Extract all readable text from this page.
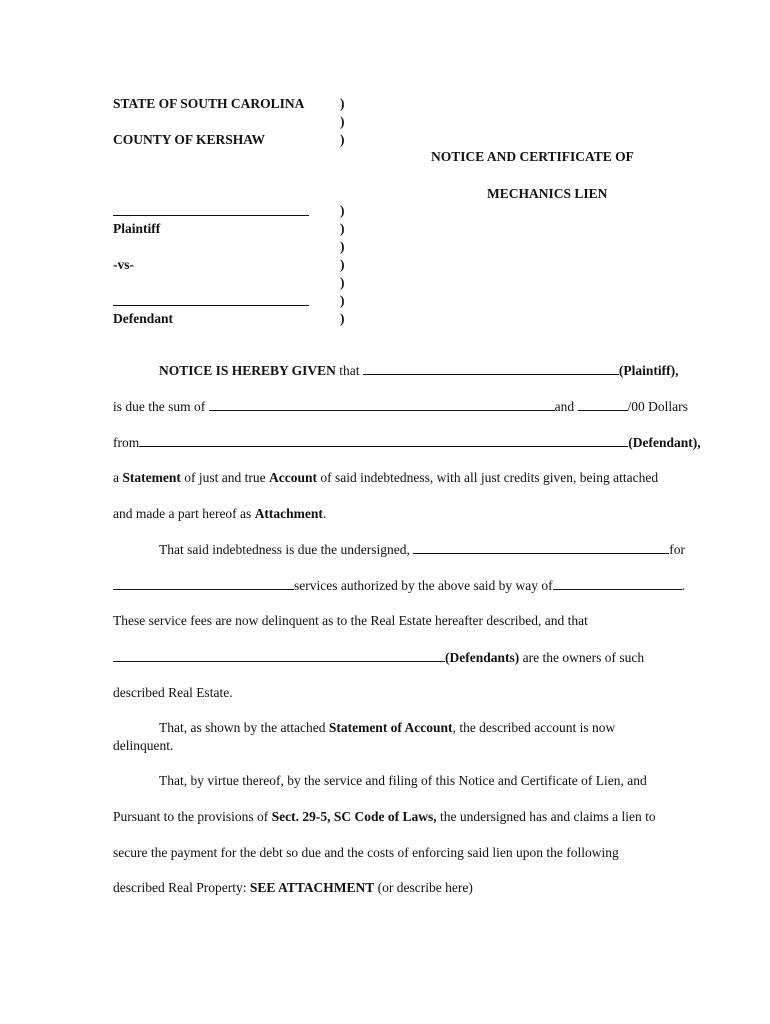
STATE OF SOUTH CAROLINA
COUNTY OF KERSHAW
)
)
)
NOTICE AND CERTIFICATE OF
MECHANICS LIEN
Plaintiff
-vs-
Defendant
)
)
)
)
)
)
)
NOTICE IS HEREBY GIVEN that	(Plaintiff),
is due the sum of	and	/00 Dollars
from	(Defendant),
a Statement of just and true Account of said indebtedness, with all just credits given, being attached
and made a part hereof as Attachment.
That said indebtedness is due the undersigned,	for
services authorized by the above said by way of	.
These service fees are now delinquent as to the Real Estate hereafter described, and that
(Defendants) are the owners of such
described Real Estate.
That, as shown by the attached Statement of Account, the described account is now
delinquent.
That, by virtue thereof, by the service and filing of this Notice and Certificate of Lien, and
Pursuant to the provisions of Sect. 29-5, SC Code of Laws, the undersigned has and claims a lien to
secure the payment for the debt so due and the costs of enforcing said lien upon the following
described Real Property: SEE ATTACHMENT (or describe here)
